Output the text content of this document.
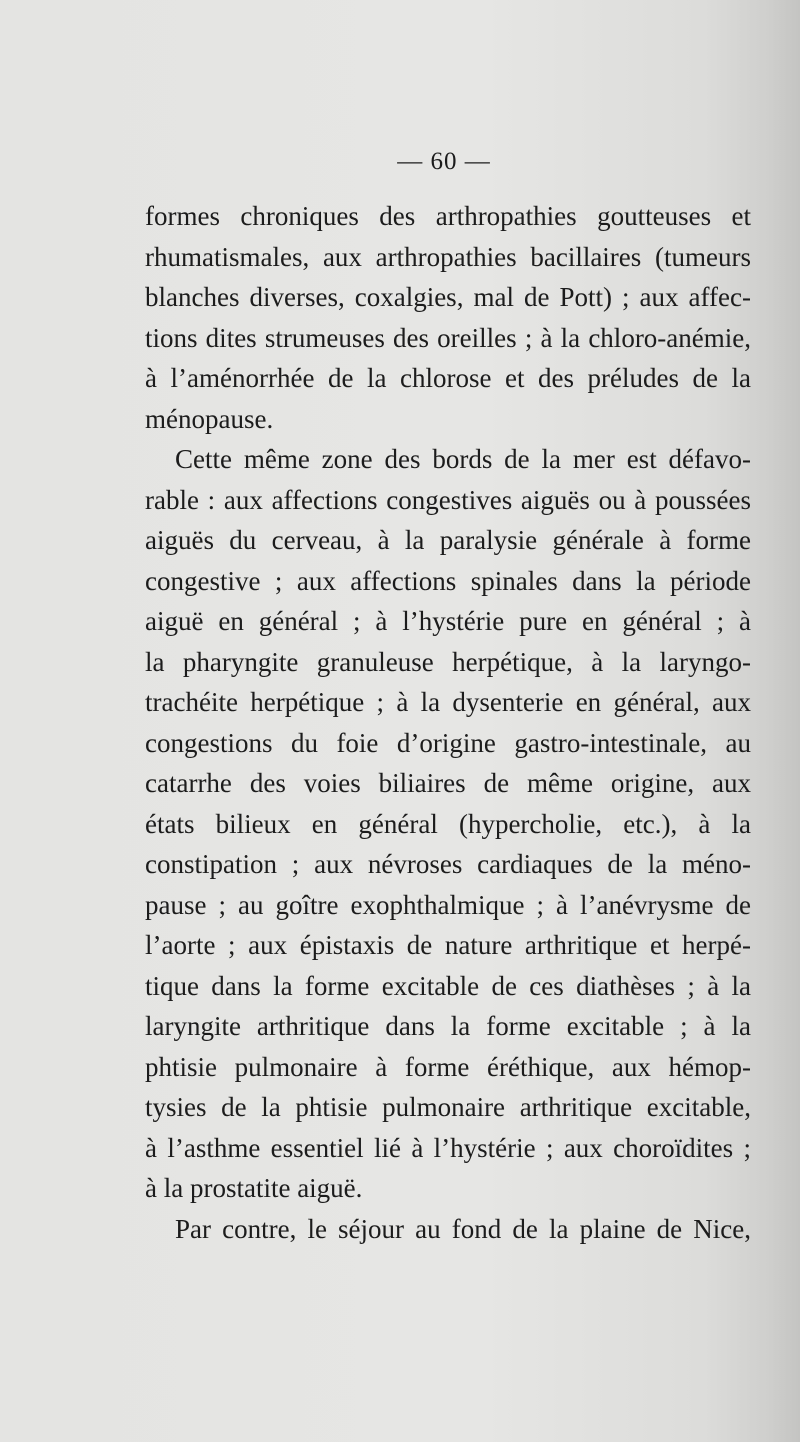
— 60 —
formes chroniques des arthropathies goutteuses et
rhumatismales, aux arthropathies bacillaires (tumeurs
blanches diverses, coxalgies, mal de Pott) ; aux affec-
tions dites strumeuses des oreilles ; à la chloro-anémie,
à l’aménorrhée de la chlorose et des préludes de la
ménopause.
Cette même zone des bords de la mer est défavo-
rable : aux affections congestives aiguës ou à poussées
aiguës du cerveau, à la paralysie générale à forme
congestive ; aux affections spinales dans la période
aiguë en général ; à l’hystérie pure en général ; à
la pharyngite granuleuse herpétique, à la laryngo-
trachéite herpétique ; à la dysenterie en général, aux
congestions du foie d’origine gastro-intestinale, au
catarrhe des voies biliaires de même origine, aux
états bilieux en général (hypercholie, etc.), à la
constipation ; aux névroses cardiaques de la méno-
pause ; au goître exophthalmique ; à l’anévrysme de
l’aorte ; aux épistaxis de nature arthritique et herpé-
tique dans la forme excitable de ces diathèses ; à la
laryngite arthritique dans la forme excitable ; à la
phtisie pulmonaire à forme éréthique, aux hémop-
tysies de la phtisie pulmonaire arthritique excitable,
à l’asthme essentiel lié à l’hystérie ; aux choroïdites ;
à la prostatite aiguë.
Par contre, le séjour au fond de la plaine de Nice,
